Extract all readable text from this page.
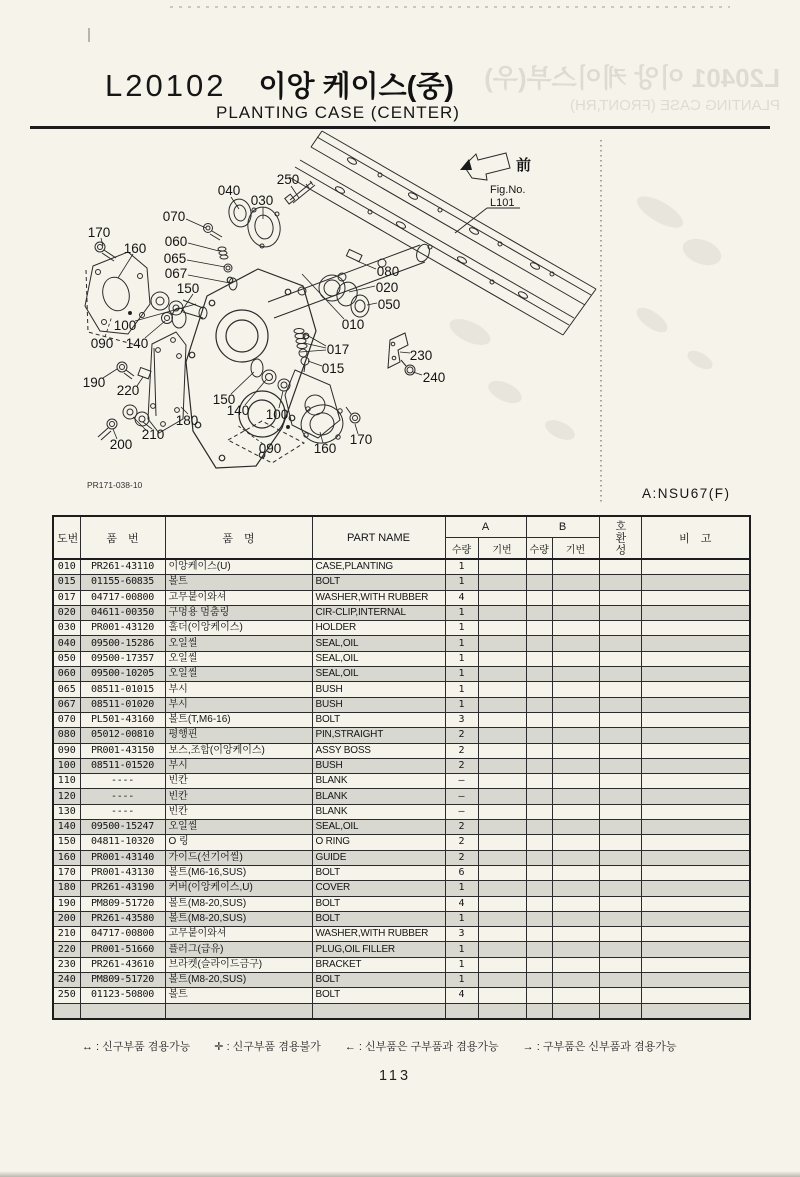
L20401 이앙 케이스부(우)
PLANTING CASE (FRONT,RH)
L20102 이앙 케이스(중)
PLANTING CASE (CENTER)
前
Fig.No.
L101
PR171-038-10
040
030
250
070
170
160 060
065
067
150
080
020
050
010
017
015
230
240
190
220
100
090 140
180
210
200
150
140 100
090 160
170
A:NSU67(F)
도번	품　번	품　명	PART NAME	A		B		호환성	비　고
				수량	기번	수량	기번		
010	PR261-43110	이앙케이스(U)	CASE,PLANTING	1					
015	01155-60835	볼트	BOLT	1					
017	04717-00800	고무붙이와셔	WASHER,WITH RUBBER	4					
020	04611-00350	구멍용 멈춤링	CIR-CLIP,INTERNAL	1					
030	PR001-43120	홀더(이앙케이스)	HOLDER	1					
040	09500-15286	오일씰	SEAL,OIL	1					
050	09500-17357	오일씰	SEAL,OIL	1					
060	09500-10205	오일씰	SEAL,OIL	1					
065	08511-01015	부시	BUSH	1					
067	08511-01020	부시	BUSH	1					
070	PL501-43160	볼트(T,M6-16)	BOLT	3					
080	05012-00810	평행핀	PIN,STRAIGHT	2					
090	PR001-43150	보스,조합(이앙케이스)	ASSY BOSS	2					
100	08511-01520	부시	BUSH	2					
110	----	빈칸	BLANK	–					
120	----	빈칸	BLANK	–					
130	----	빈칸	BLANK	–					
140	09500-15247	오일씰	SEAL,OIL	2					
150	04811-10320	O 링	O RING	2					
160	PR001-43140	가이드(선기어씰)	GUIDE	2					
170	PR001-43130	볼트(M6-16,SUS)	BOLT	6					
180	PR261-43190	커버(이앙케이스,U)	COVER	1					
190	PM809-51720	볼트(M8-20,SUS)	BOLT	4					
200	PR261-43580	볼트(M8-20,SUS)	BOLT	1					
210	04717-00800	고무붙이와셔	WASHER,WITH RUBBER	3					
220	PR001-51660	플러그(급유)	PLUG,OIL FILLER	1					
230	PR261-43610	브라켓(슬라이드금구)	BRACKET	1					
240	PM809-51720	볼트(M8-20,SUS)	BOLT	1					
250	01123-50800	볼트	BOLT	4					

↔ : 신구부품 겸용가능 ✛ : 신구부품 겸용불가 ← : 신부품은 구부품과 겸용가능 → : 구부품은 신부품과 겸용가능
113
